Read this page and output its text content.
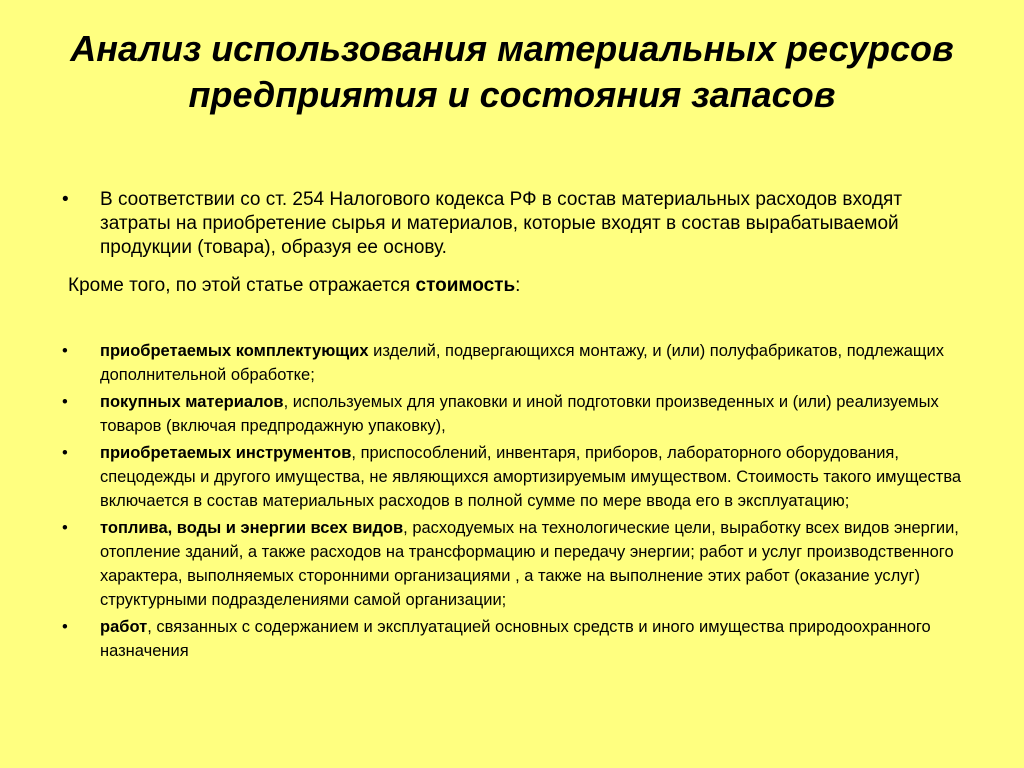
Анализ использования материальных ресурсов предприятия и состояния запасов
• В соответствии со ст. 254 Налогового кодекса РФ в состав материальных расходов входят затраты на приобретение сырья и материалов, которые входят в состав вырабатываемой продукции (товара), образуя ее основу.
Кроме того, по этой статье отражается стоимость:
• приобретаемых комплектующих изделий, подвергающихся монтажу, и (или) полуфабрикатов, подлежащих дополнительной обработке;
• покупных материалов, используемых для упаковки и иной подготовки произведенных и (или) реализуемых товаров (включая предпродажную упаковку),
• приобретаемых инструментов, приспособлений, инвентаря, приборов, лабораторного оборудования, спецодежды и другого имущества, не являющихся амортизируемым имуществом. Стоимость такого имущества включается в состав материальных расходов в полной сумме по мере ввода его в эксплуатацию;
• топлива, воды и энергии всех видов, расходуемых на технологические цели, выработку всех видов энергии, отопление зданий, а также расходов на трансформацию и передачу энергии; работ и услуг производственного характера, выполняемых сторонними организациями , а также на выполнение этих работ (оказание услуг) структурными подразделениями самой организации;
• работ, связанных с содержанием и эксплуатацией основных средств и иного имущества природоохранного назначения
